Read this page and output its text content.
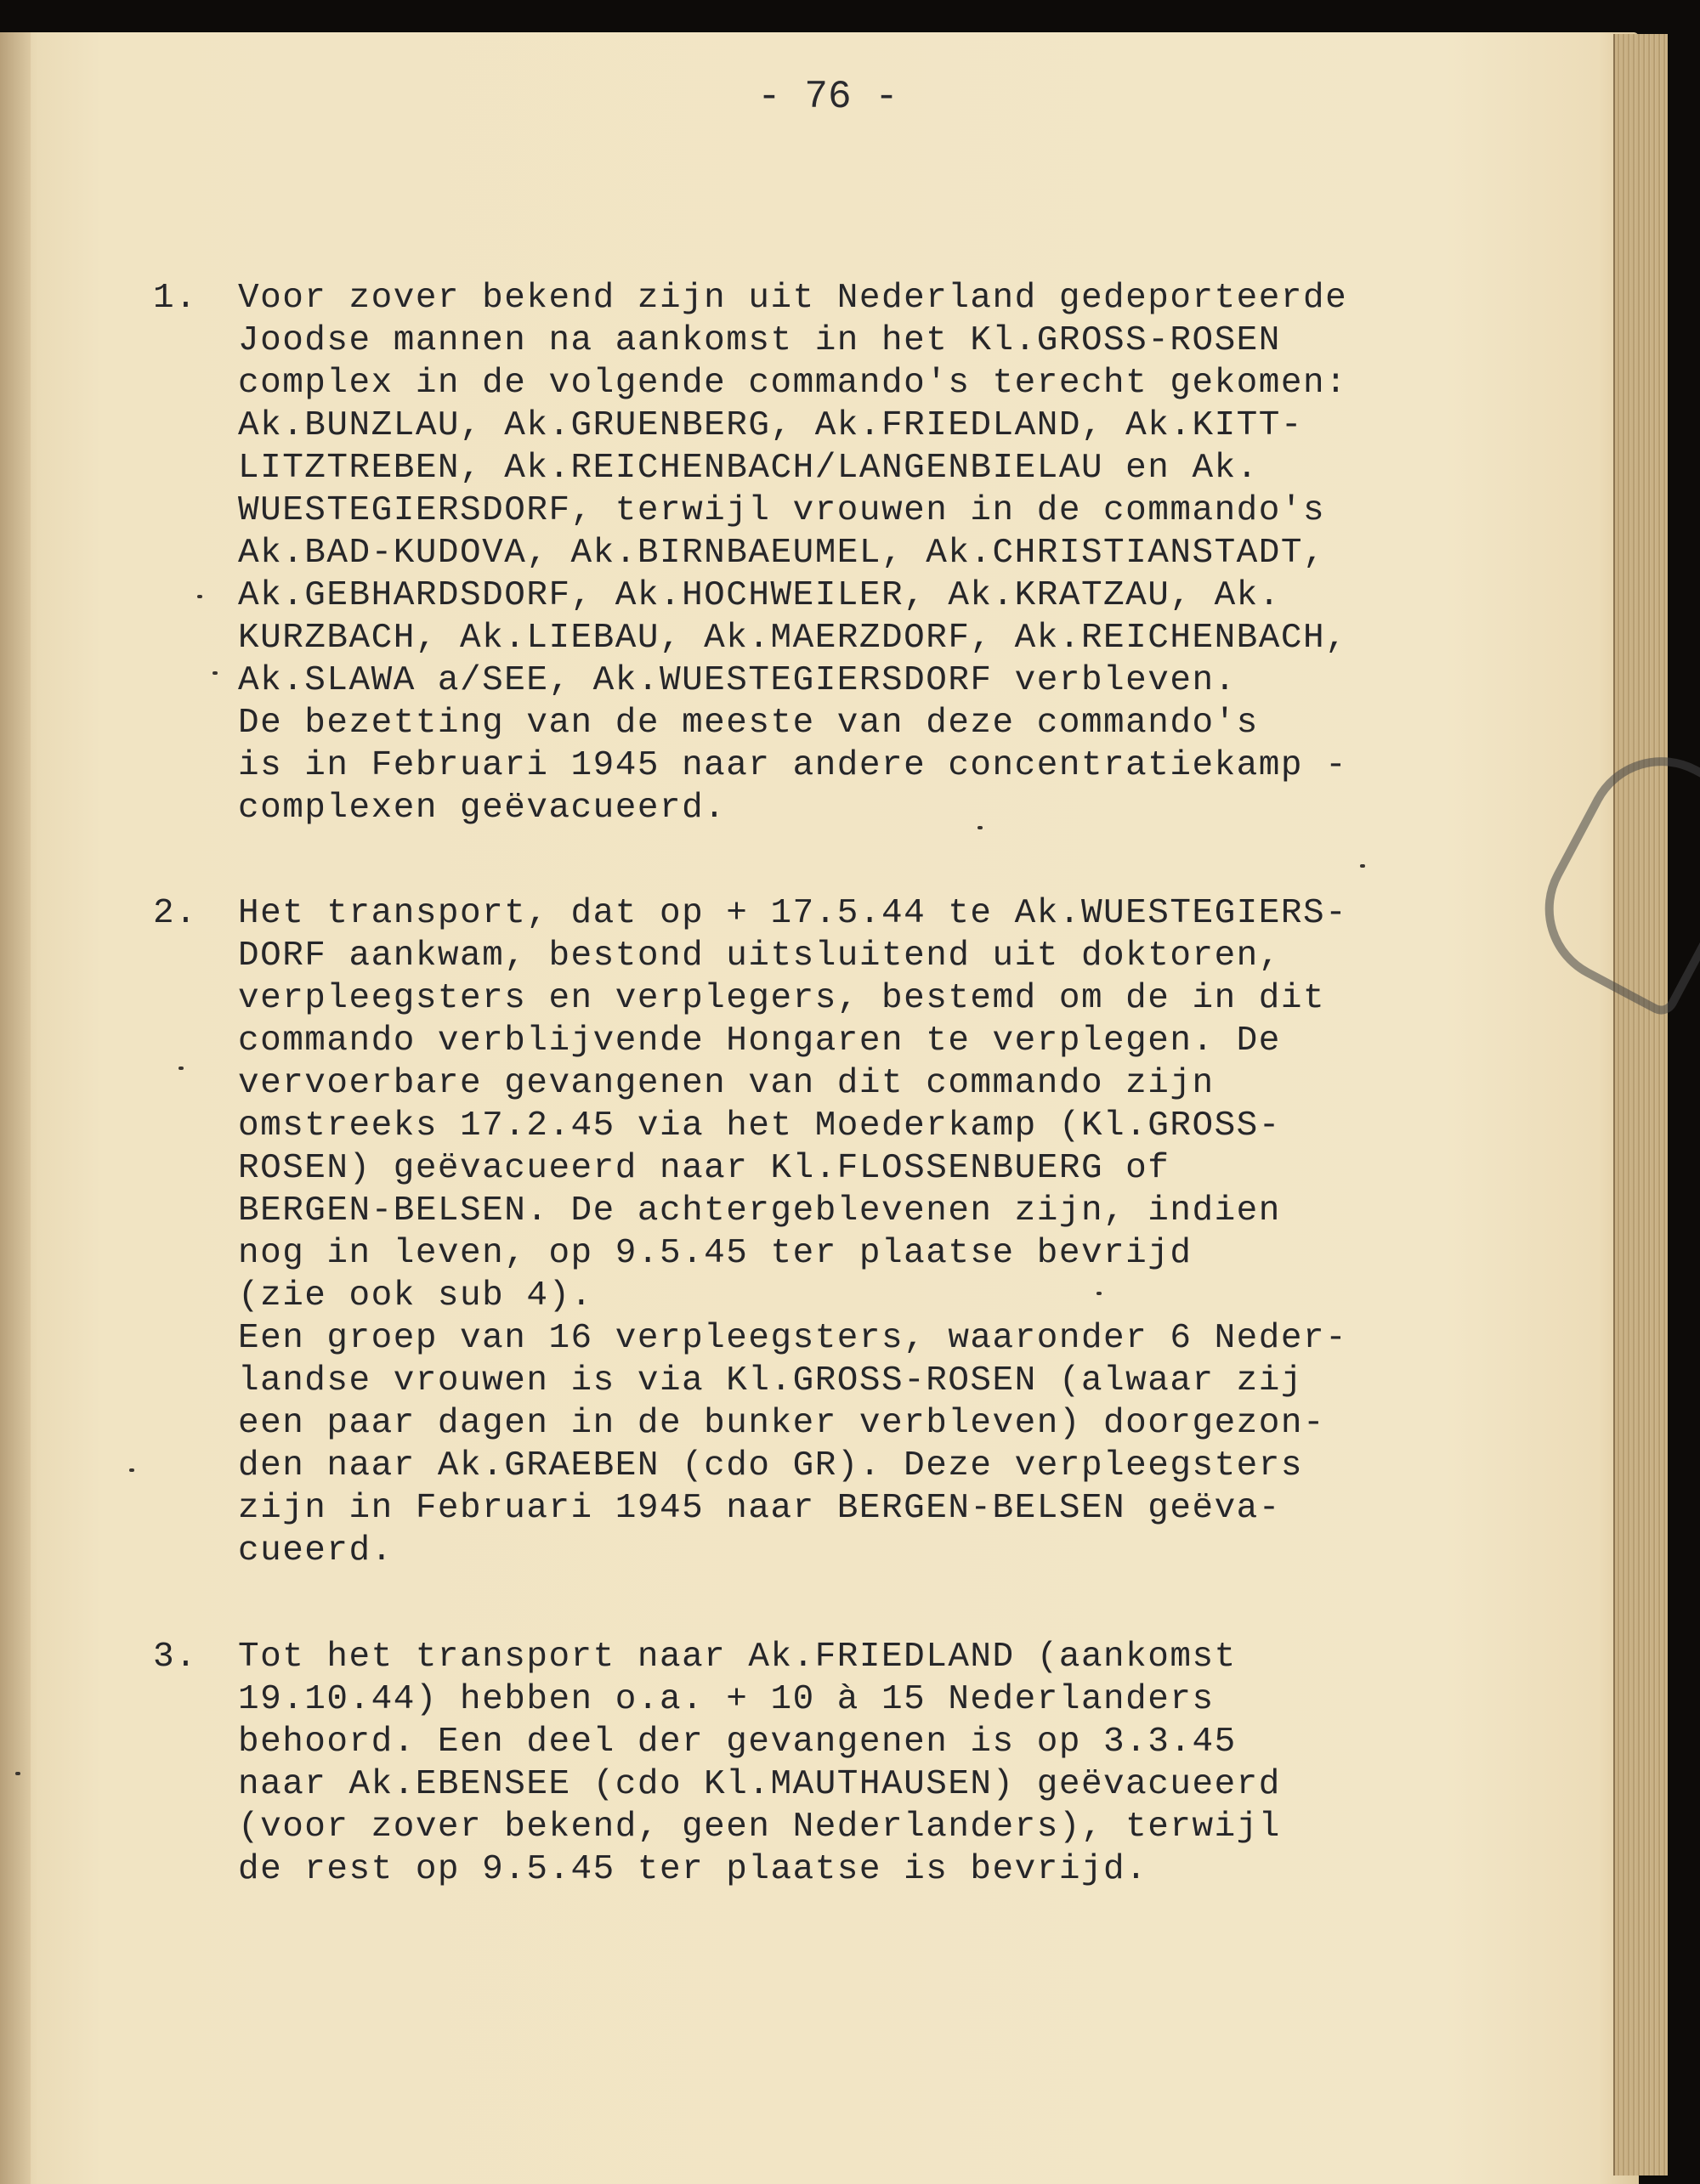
- 76 -

1.	Voor zover bekend zijn uit Nederland gedeporteerde
Joodse mannen na aankomst in het Kl.GROSS-ROSEN
complex in de volgende commando's terecht gekomen:
Ak.BUNZLAU, Ak.GRUENBERG, Ak.FRIEDLAND, Ak.KITT-
LITZTREBEN, Ak.REICHENBACH/LANGENBIELAU en Ak.
WUESTEGIERSDORF, terwijl vrouwen in de commando's
Ak.BAD-KUDOVA, Ak.BIRNBAEUMEL, Ak.CHRISTIANSTADT,
Ak.GEBHARDSDORF, Ak.HOCHWEILER, Ak.KRATZAU, Ak.
KURZBACH, Ak.LIEBAU, Ak.MAERZDORF, Ak.REICHENBACH,
Ak.SLAWA a/SEE, Ak.WUESTEGIERSDORF verbleven.
De bezetting van de meeste van deze commando's
is in Februari 1945 naar andere concentratiekamp -
complexen geëvacueerd.
2.	Het transport, dat op + 17.5.44 te Ak.WUESTEGIERS-
DORF aankwam, bestond uitsluitend uit doktoren,
verpleegsters en verplegers, bestemd om de in dit
commando verblijvende Hongaren te verplegen. De
vervoerbare gevangenen van dit commando zijn
omstreeks 17.2.45 via het Moederkamp (Kl.GROSS-
ROSEN) geëvacueerd naar Kl.FLOSSENBUERG of
BERGEN-BELSEN. De achtergeblevenen zijn, indien
nog in leven, op 9.5.45 ter plaatse bevrijd
(zie ook sub 4).
Een groep van 16 verpleegsters, waaronder 6 Neder-
landse vrouwen is via Kl.GROSS-ROSEN (alwaar zij
een paar dagen in de bunker verbleven) doorgezon-
den naar Ak.GRAEBEN (cdo GR). Deze verpleegsters
zijn in Februari 1945 naar BERGEN-BELSEN geëva-
cueerd.
3.	Tot het transport naar Ak.FRIEDLAND (aankomst
19.10.44) hebben o.a. + 10 à 15 Nederlanders
behoord. Een deel der gevangenen is op 3.3.45
naar Ak.EBENSEE (cdo Kl.MAUTHAUSEN) geëvacueerd
(voor zover bekend, geen Nederlanders), terwijl
de rest op 9.5.45 ter plaatse is bevrijd.
